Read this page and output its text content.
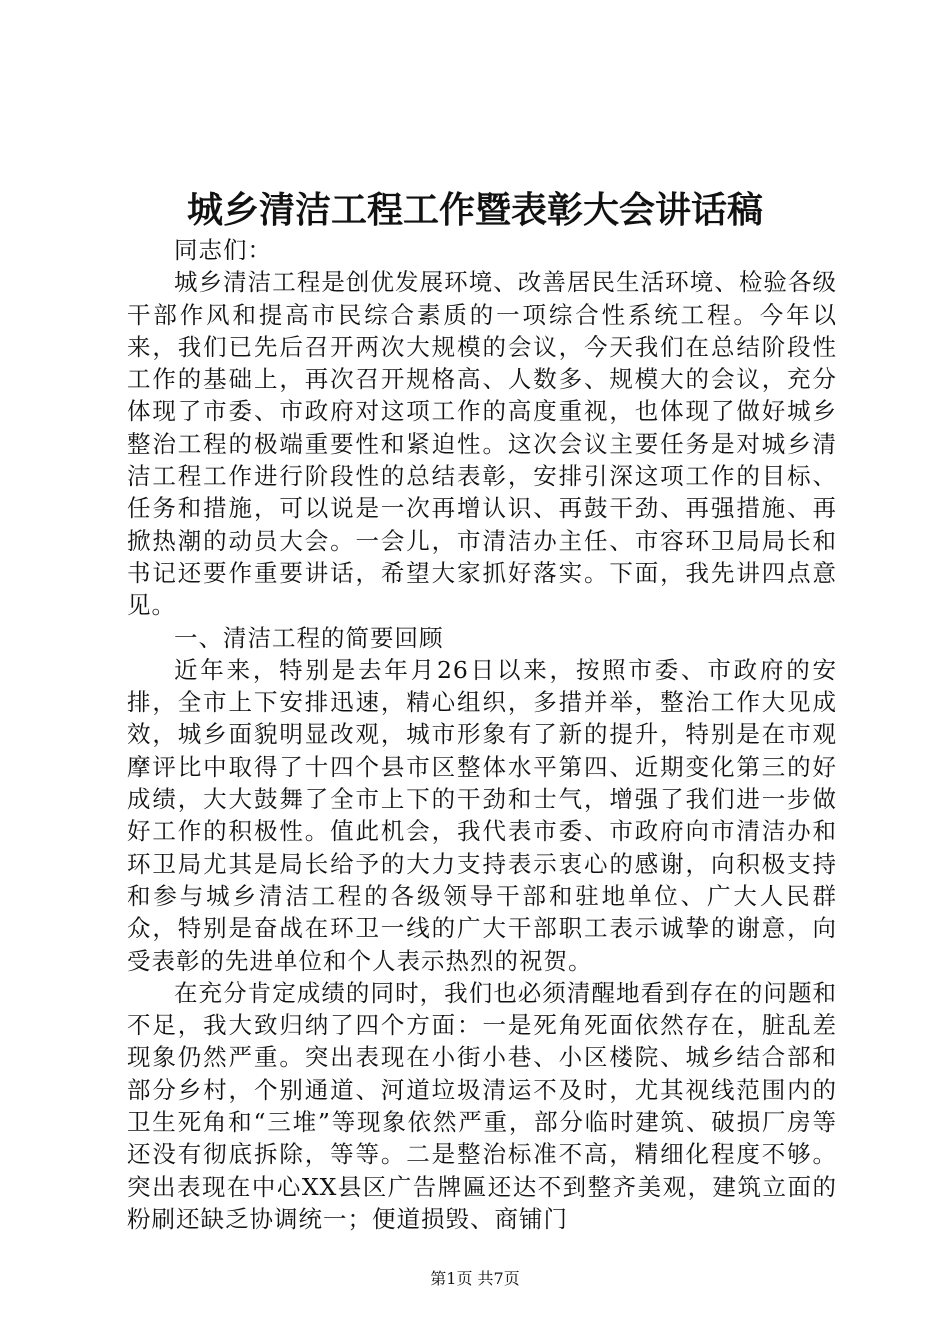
城乡清洁工程工作暨表彰大会讲话稿

同志们：

城乡清洁工程是创优发展环境、改善居民生活环境、检验各级干部作风和提高市民综合素质的一项综合性系统工程。今年以来，我们已先后召开两次大规模的会议，今天我们在总结阶段性工作的基础上，再次召开规格高、人数多、规模大的会议，充分体现了市委、市政府对这项工作的高度重视，也体现了做好城乡整治工程的极端重要性和紧迫性。这次会议主要任务是对城乡清洁工程工作进行阶段性的总结表彰，安排引深这项工作的目标、任务和措施，可以说是一次再增认识、再鼓干劲、再强措施、再掀热潮的动员大会。一会儿，市清洁办主任、市容环卫局局长和书记还要作重要讲话，希望大家抓好落实。下面，我先讲四点意见。

一、清洁工程的简要回顾

近年来，特别是去年月26日以来，按照市委、市政府的安排，全市上下安排迅速，精心组织，多措并举，整治工作大见成效，城乡面貌明显改观，城市形象有了新的提升，特别是在市观摩评比中取得了十四个县市区整体水平第四、近期变化第三的好成绩，大大鼓舞了全市上下的干劲和士气，增强了我们进一步做好工作的积极性。值此机会，我代表市委、市政府向市清洁办和环卫局尤其是局长给予的大力支持表示衷心的感谢，向积极支持和参与城乡清洁工程的各级领导干部和驻地单位、广大人民群众，特别是奋战在环卫一线的广大干部职工表示诚挚的谢意，向受表彰的先进单位和个人表示热烈的祝贺。

在充分肯定成绩的同时，我们也必须清醒地看到存在的问题和不足，我大致归纳了四个方面：一是死角死面依然存在，脏乱差现象仍然严重。突出表现在小街小巷、小区楼院、城乡结合部和部分乡村，个别通道、河道垃圾清运不及时，尤其视线范围内的卫生死角和“三堆”等现象依然严重，部分临时建筑、破损厂房等还没有彻底拆除，等等。二是整治标准不高，精细化程度不够。突出表现在中心XX县区广告牌匾还达不到整齐美观，建筑立面的粉刷还缺乏协调统一；便道损毁、商铺门

第1页 共7页
